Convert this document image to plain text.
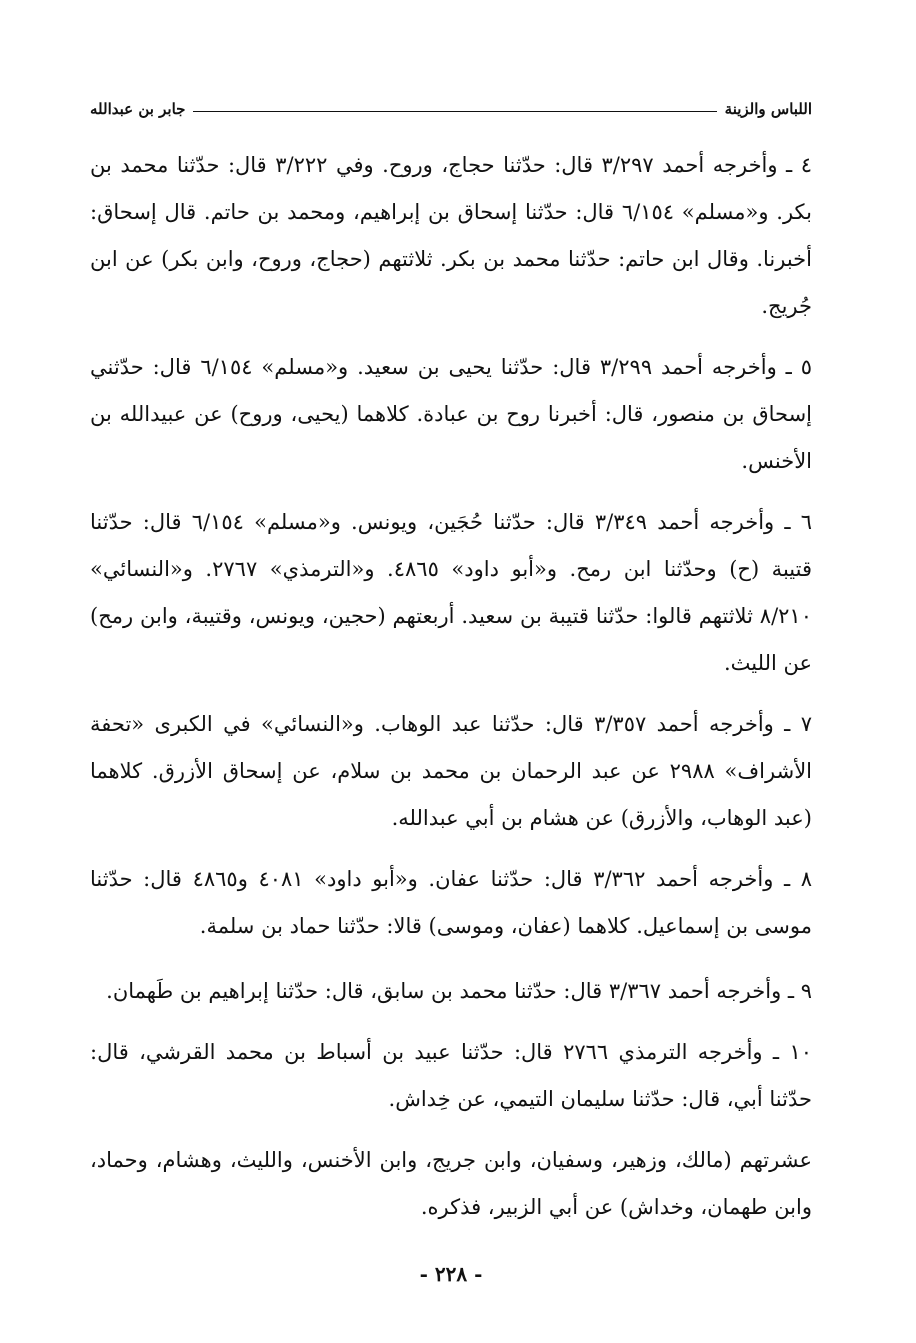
اللباس والزينة
جابر بن عبدالله

٤ ـ وأخرجه أحمد ٣/٢٩٧ قال: حدّثنا حجاج، وروح. وفي ٣/٢٢٢ قال: حدّثنا محمد بن بكر. و«مسلم» ٦/١٥٤ قال: حدّثنا إسحاق بن إبراهيم، ومحمد بن حاتم. قال إسحاق: أخبرنا. وقال ابن حاتم: حدّثنا محمد بن بكر. ثلاثتهم (حجاج، وروح، وابن بكر) عن ابن جُريج.

٥ ـ وأخرجه أحمد ٣/٢٩٩ قال: حدّثنا يحيى بن سعيد. و«مسلم» ٦/١٥٤ قال: حدّثني إسحاق بن منصور، قال: أخبرنا روح بن عبادة. كلاهما (يحيى، وروح) عن عبيدالله بن الأخنس.

٦ ـ وأخرجه أحمد ٣/٣٤٩ قال: حدّثنا حُجَين، ويونس. و«مسلم» ٦/١٥٤ قال: حدّثنا قتيبة (ح) وحدّثنا ابن رمح. و«أبو داود» ٤٨٦٥. و«الترمذي» ٢٧٦٧. و«النسائي» ٨/٢١٠ ثلاثتهم قالوا: حدّثنا قتيبة بن سعيد. أربعتهم (حجين، ويونس، وقتيبة، وابن رمح) عن الليث.

٧ ـ وأخرجه أحمد ٣/٣٥٧ قال: حدّثنا عبد الوهاب. و«النسائي» في الكبرى «تحفة الأشراف» ٢٩٨٨ عن عبد الرحمان بن محمد بن سلام، عن إسحاق الأزرق. كلاهما (عبد الوهاب، والأزرق) عن هشام بن أبي عبدالله.

٨ ـ وأخرجه أحمد ٣/٣٦٢ قال: حدّثنا عفان. و«أبو داود» ٤٠٨١ و٤٨٦٥ قال: حدّثنا موسى بن إسماعيل. كلاهما (عفان، وموسى) قالا: حدّثنا حماد بن سلمة.

٩ ـ وأخرجه أحمد ٣/٣٦٧ قال: حدّثنا محمد بن سابق، قال: حدّثنا إبراهيم بن طَهمان.

١٠ ـ وأخرجه الترمذي ٢٧٦٦ قال: حدّثنا عبيد بن أسباط بن محمد القرشي، قال: حدّثنا أبي، قال: حدّثنا سليمان التيمي، عن خِداش.

عشرتهم (مالك، وزهير، وسفيان، وابن جريج، وابن الأخنس، والليث، وهشام، وحماد، وابن طهمان، وخداش) عن أبي الزبير، فذكره.

- ٢٢٨ -
